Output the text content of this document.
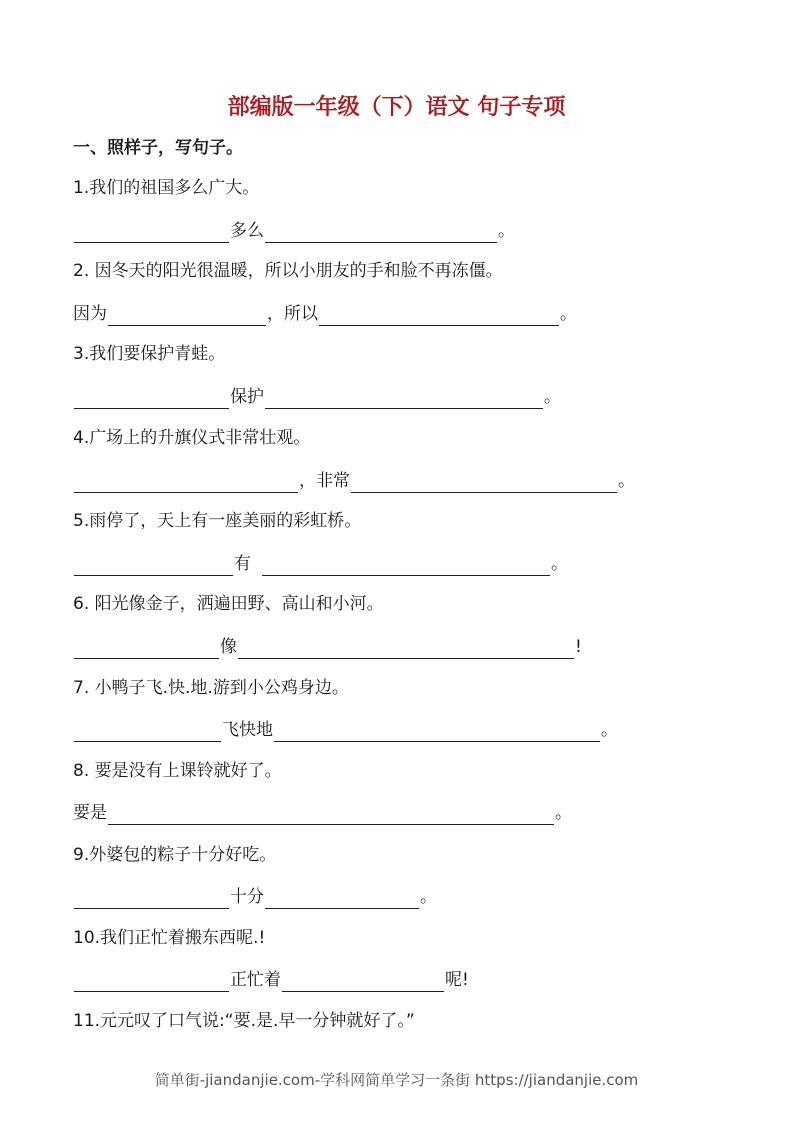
部编版一年级（下）语文 句子专项
一、照样子，写句子。
1.我们的祖国多么广大。
多么	。
2. 因冬天的阳光很温暖，所以小朋友的手和脸不再冻僵。
因为	，所以	。
3.我们要保护青蛙。
保护	。
4.广场上的升旗仪式非常壮观。
，非常	。
5.雨停了，天上有一座美丽的彩虹桥。
有	。
6. 阳光像金子，洒遍田野、高山和小河。
像	!
7. 小鸭子飞.快.地.游到小公鸡身边。
飞快地	。
8. 要是没有上课铃就好了。
要是	。
9.外婆包的粽子十分好吃。
十分	。
10.我们正忙着搬东西呢.!
正忙着	呢!
11.元元叹了口气说:“要.是.早一分钟就好了。”
简单街-jiandanjie.com-学科网简单学习一条街 https://jiandanjie.com
